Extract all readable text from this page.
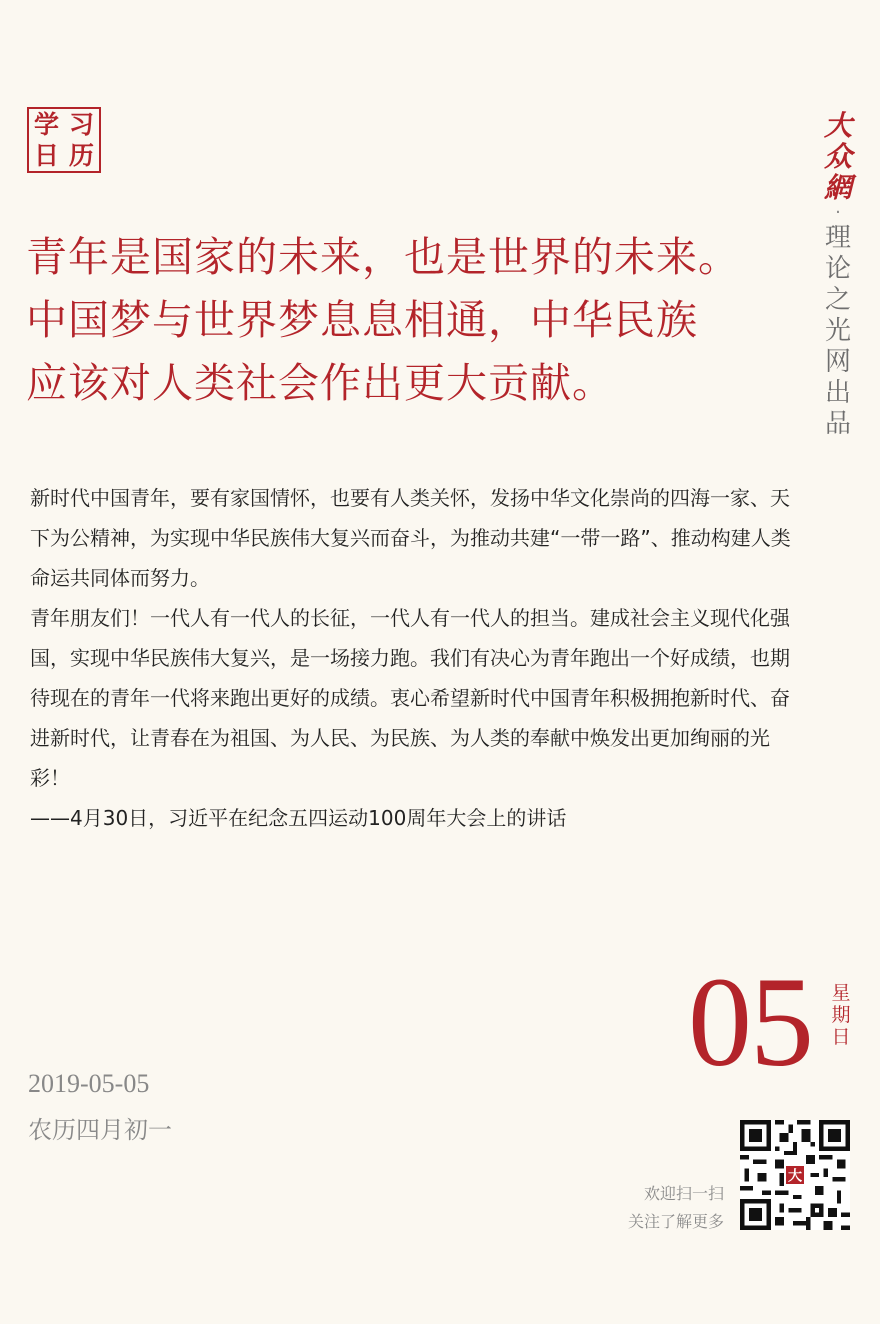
学 习
日 历
大
众
網
·
理
论
之
光
网
出
品
青年是国家的未来，也是世界的未来。
中国梦与世界梦息息相通，中华民族
应该对人类社会作出更大贡献。

新时代中国青年，要有家国情怀，也要有人类关怀，发扬中华文化崇尚的四海一家、天下为公精神，为实现中华民族伟大复兴而奋斗，为推动共建“一带一路”、推动构建人类命运共同体而努力。

青年朋友们！一代人有一代人的长征，一代人有一代人的担当。建成社会主义现代化强国，实现中华民族伟大复兴，是一场接力跑。我们有决心为青年跑出一个好成绩，也期待现在的青年一代将来跑出更好的成绩。衷心希望新时代中国青年积极拥抱新时代、奋进新时代，让青春在为祖国、为人民、为民族、为人类的奉献中焕发出更加绚丽的光彩！

——4月30日，习近平在纪念五四运动100周年大会上的讲话

05 星
期
日
2019-05-05
农历四月初一
欢迎扫一扫
关注了解更多
大
